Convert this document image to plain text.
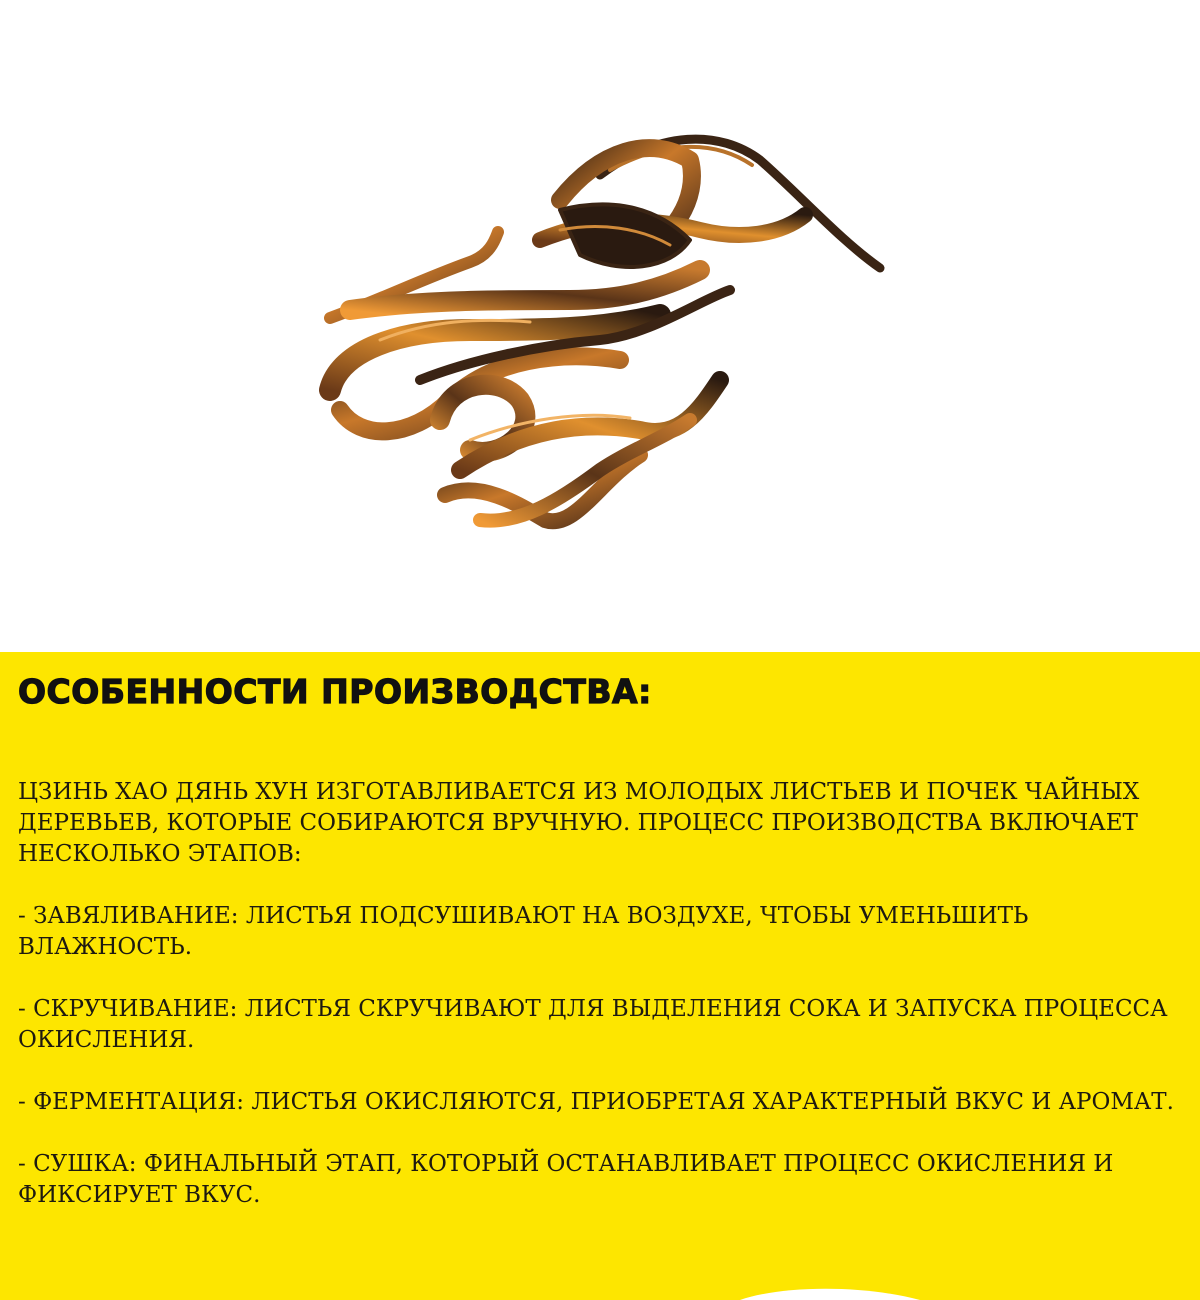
ОСОБЕННОСТИ ПРОИЗВОДСТВА:

ЦЗИНЬ ХАО ДЯНЬ ХУН ИЗГОТАВЛИВАЕТСЯ ИЗ МОЛОДЫХ ЛИСТЬЕВ И ПОЧЕК ЧАЙНЫХ ДЕРЕВЬЕВ, КОТОРЫЕ СОБИРАЮТСЯ ВРУЧНУЮ. ПРОЦЕСС ПРОИЗВОДСТВА ВКЛЮЧАЕТ НЕСКОЛЬКО ЭТАПОВ:

- ЗАВЯЛИВАНИЕ: ЛИСТЬЯ ПОДСУШИВАЮТ НА ВОЗДУХЕ, ЧТОБЫ УМЕНЬШИТЬ ВЛАЖНОСТЬ.

- СКРУЧИВАНИЕ: ЛИСТЬЯ СКРУЧИВАЮТ ДЛЯ ВЫДЕЛЕНИЯ СОКА И ЗАПУСКА ПРОЦЕССА ОКИСЛЕНИЯ.

- ФЕРМЕНТАЦИЯ: ЛИСТЬЯ ОКИСЛЯЮТСЯ, ПРИОБРЕТАЯ ХАРАКТЕРНЫЙ ВКУС И АРОМАТ.

- СУШКА: ФИНАЛЬНЫЙ ЭТАП, КОТОРЫЙ ОСТАНАВЛИВАЕТ ПРОЦЕСС ОКИСЛЕНИЯ И ФИКСИРУЕТ ВКУС.
